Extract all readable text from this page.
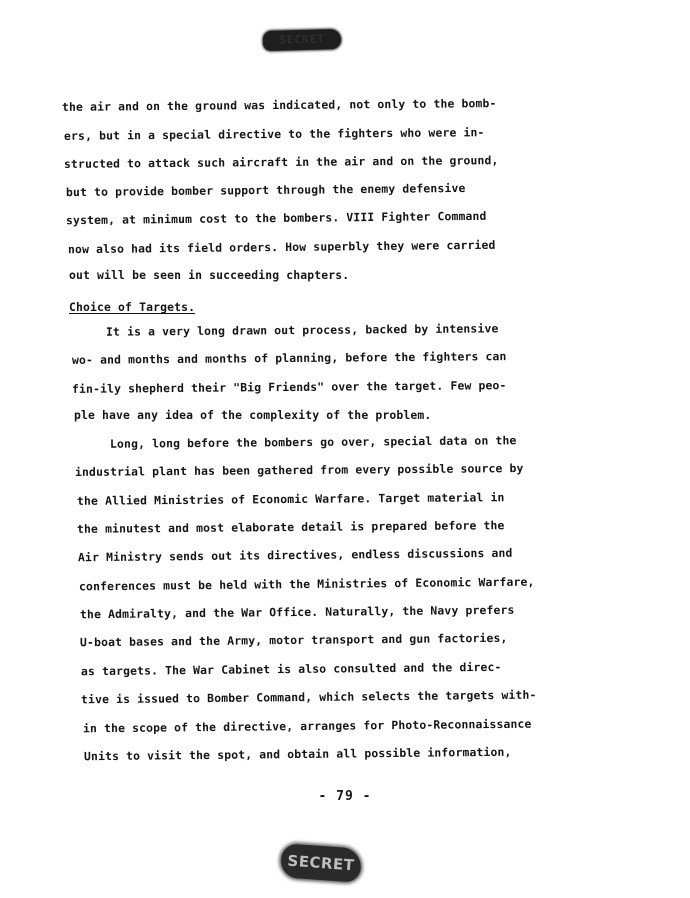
SECRET
the air and on the ground was indicated, not only to the bomb-
ers, but in a special directive to the fighters who were in-
structed to attack such aircraft in the air and on the ground,
but to provide bomber support through the enemy defensive
system, at minimum cost to the bombers. VIII Fighter Command
now also had its field orders. How superbly they were carried
out will be seen in succeeding chapters.
Choice of Targets.
It is a very long drawn out process, backed by intensive
wo- and months and months of planning, before the fighters can
fin-ily shepherd their "Big Friends" over the target. Few peo-
ple have any idea of the complexity of the problem.
Long, long before the bombers go over, special data on the
industrial plant has been gathered from every possible source by
the Allied Ministries of Economic Warfare. Target material in
the minutest and most elaborate detail is prepared before the
Air Ministry sends out its directives, endless discussions and
conferences must be held with the Ministries of Economic Warfare,
the Admiralty, and the War Office. Naturally, the Navy prefers
U-boat bases and the Army, motor transport and gun factories,
as targets. The War Cabinet is also consulted and the direc-
tive is issued to Bomber Command, which selects the targets with-
in the scope of the directive, arranges for Photo-Reconnaissance
Units to visit the spot, and obtain all possible information,
- 79 -
SECRET
